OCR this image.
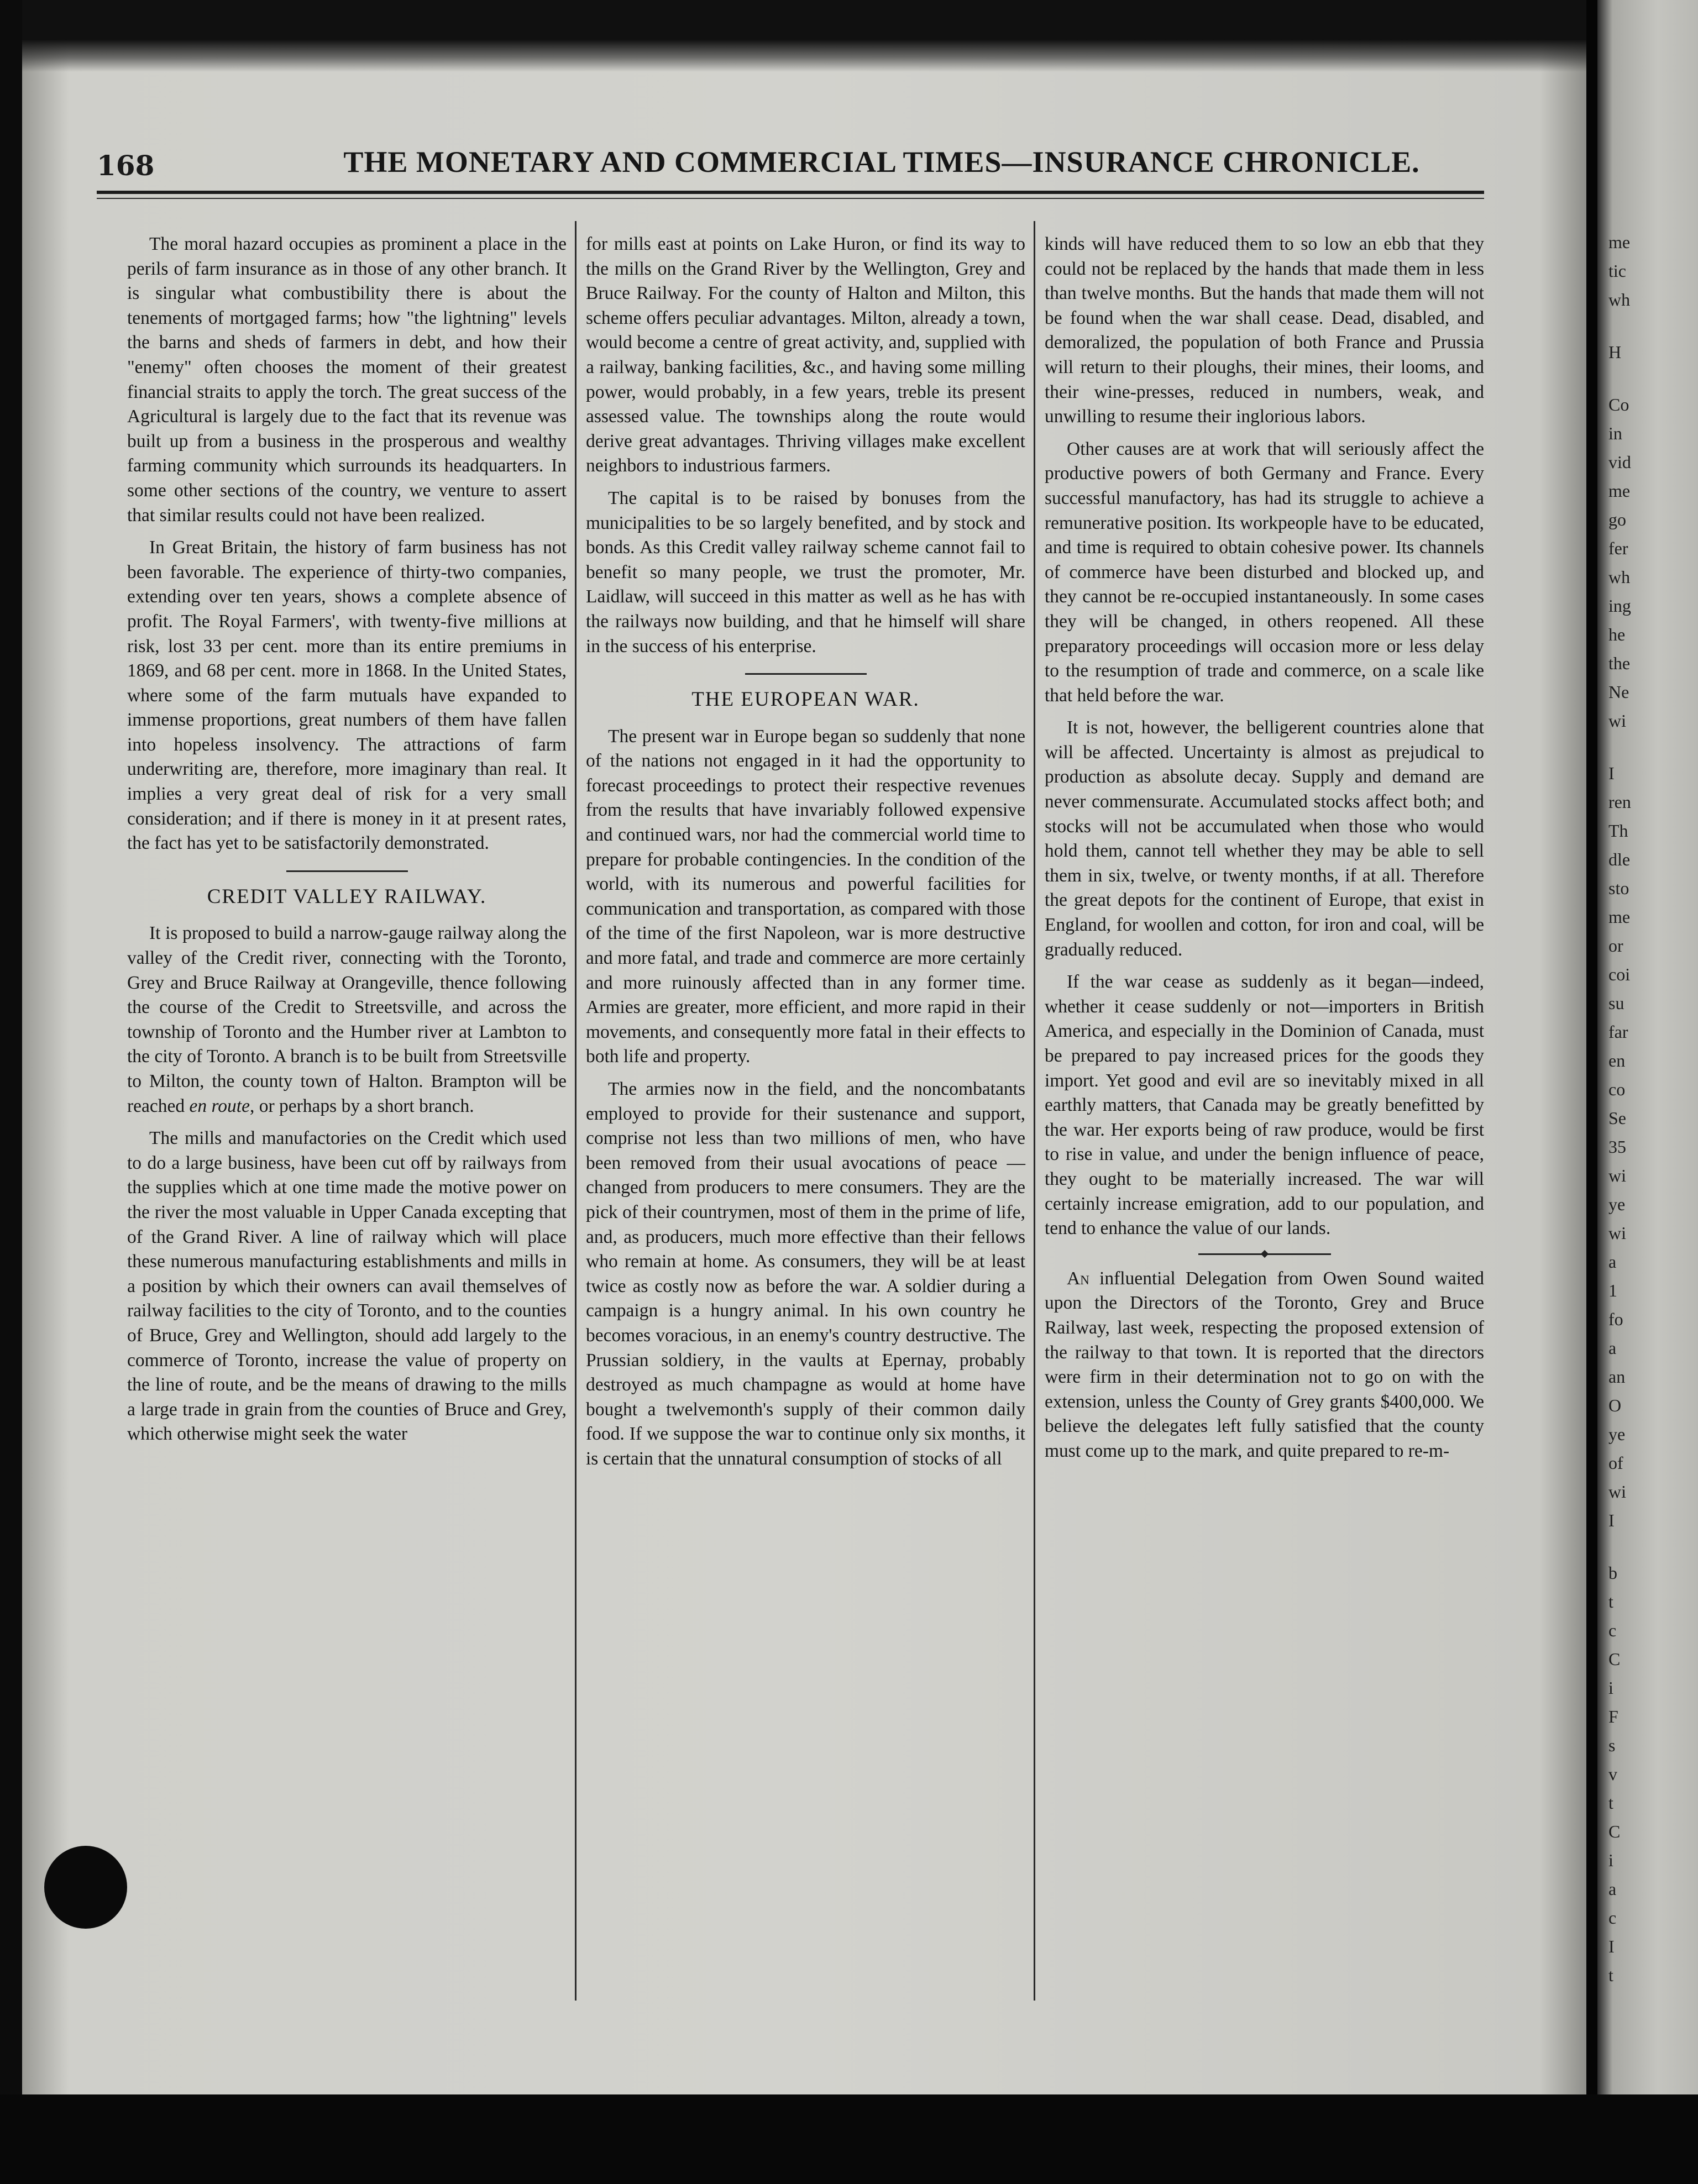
168	THE MONETARY AND COMMERCIAL TIMES—INSURANCE CHRONICLE.

The moral hazard occupies as prominent a place in the perils of farm insurance as in those of any other branch. It is singular what combustibility there is about the tenements of mortgaged farms; how "the lightning" levels the barns and sheds of farmers in debt, and how their "enemy" often chooses the moment of their greatest financial straits to apply the torch. The great success of the Agricultural is largely due to the fact that its revenue was built up from a business in the prosperous and wealthy farming community which surrounds its headquarters. In some other sections of the country, we venture to assert that similar results could not have been realized.

In Great Britain, the history of farm business has not been favorable. The experience of thirty-two companies, extending over ten years, shows a complete absence of profit. The Royal Farmers', with twenty-five millions at risk, lost 33 per cent. more than its entire premiums in 1869, and 68 per cent. more in 1868. In the United States, where some of the farm mutuals have expanded to immense proportions, great numbers of them have fallen into hopeless insolvency. The attractions of farm underwriting are, therefore, more imaginary than real. It implies a very great deal of risk for a very small consideration; and if there is money in it at present rates, the fact has yet to be satisfactorily demonstrated.

CREDIT VALLEY RAILWAY.

It is proposed to build a narrow-gauge railway along the valley of the Credit river, connecting with the Toronto, Grey and Bruce Railway at Orangeville, thence following the course of the Credit to Streetsville, and across the township of Toronto and the Humber river at Lambton to the city of Toronto. A branch is to be built from Streetsville to Milton, the county town of Halton. Brampton will be reached en route, or perhaps by a short branch.

The mills and manufactories on the Credit which used to do a large business, have been cut off by railways from the supplies which at one time made the motive power on the river the most valuable in Upper Canada excepting that of the Grand River. A line of railway which will place these numerous manufacturing establishments and mills in a position by which their owners can avail themselves of railway facilities to the city of Toronto, and to the counties of Bruce, Grey and Wellington, should add largely to the commerce of Toronto, increase the value of property on the line of route, and be the means of drawing to the mills a large trade in grain from the counties of Bruce and Grey, which otherwise might seek the water

for mills east at points on Lake Huron, or find its way to the mills on the Grand River by the Wellington, Grey and Bruce Railway. For the county of Halton and Milton, this scheme offers peculiar advantages. Milton, already a town, would become a centre of great activity, and, supplied with a railway, banking facilities, &c., and having some milling power, would probably, in a few years, treble its present assessed value. The townships along the route would derive great advantages. Thriving villages make excellent neighbors to industrious farmers.

The capital is to be raised by bonuses from the municipalities to be so largely benefited, and by stock and bonds. As this Credit valley railway scheme cannot fail to benefit so many people, we trust the promoter, Mr. Laidlaw, will succeed in this matter as well as he has with the railways now building, and that he himself will share in the success of his enterprise.

THE EUROPEAN WAR.

The present war in Europe began so suddenly that none of the nations not engaged in it had the opportunity to forecast proceedings to protect their respective revenues from the results that have invariably followed expensive and continued wars, nor had the commercial world time to prepare for probable contingencies. In the condition of the world, with its numerous and powerful facilities for communication and transportation, as compared with those of the time of the first Napoleon, war is more destructive and more fatal, and trade and commerce are more certainly and more ruinously affected than in any former time. Armies are greater, more efficient, and more rapid in their movements, and consequently more fatal in their effects to both life and property.

The armies now in the field, and the noncombatants employed to provide for their sustenance and support, comprise not less than two millions of men, who have been removed from their usual avocations of peace —changed from producers to mere consumers. They are the pick of their countrymen, most of them in the prime of life, and, as producers, much more effective than their fellows who remain at home. As consumers, they will be at least twice as costly now as before the war. A soldier during a campaign is a hungry animal. In his own country he becomes voracious, in an enemy's country destructive. The Prussian soldiery, in the vaults at Epernay, probably destroyed as much champagne as would at home have bought a twelvemonth's supply of their common daily food. If we suppose the war to continue only six months, it is certain that the unnatural consumption of stocks of all

kinds will have reduced them to so low an ebb that they could not be replaced by the hands that made them in less than twelve months. But the hands that made them will not be found when the war shall cease. Dead, disabled, and demoralized, the population of both France and Prussia will return to their ploughs, their mines, their looms, and their wine-presses, reduced in numbers, weak, and unwilling to resume their inglorious labors.

Other causes are at work that will seriously affect the productive powers of both Germany and France. Every successful manufactory, has had its struggle to achieve a remunerative position. Its workpeople have to be educated, and time is required to obtain cohesive power. Its channels of commerce have been disturbed and blocked up, and they cannot be re-occupied instantaneously. In some cases they will be changed, in others reopened. All these preparatory proceedings will occasion more or less delay to the resumption of trade and commerce, on a scale like that held before the war.

It is not, however, the belligerent countries alone that will be affected. Uncertainty is almost as prejudical to production as absolute decay. Supply and demand are never commensurate. Accumulated stocks affect both; and stocks will not be accumulated when those who would hold them, cannot tell whether they may be able to sell them in six, twelve, or twenty months, if at all. Therefore the great depots for the continent of Europe, that exist in England, for woollen and cotton, for iron and coal, will be gradually reduced.

If the war cease as suddenly as it began—indeed, whether it cease suddenly or not—importers in British America, and especially in the Dominion of Canada, must be prepared to pay increased prices for the goods they import. Yet good and evil are so inevitably mixed in all earthly matters, that Canada may be greatly benefitted by the war. Her exports being of raw produce, would be first to rise in value, and under the benign influence of peace, they ought to be materially increased. The war will certainly increase emigration, add to our population, and tend to enhance the value of our lands.

An influential Delegation from Owen Sound waited upon the Directors of the Toronto, Grey and Bruce Railway, last week, respecting the proposed extension of the railway to that town. It is reported that the directors were firm in their determination not to go on with the extension, unless the County of Grey grants $400,000. We believe the delegates left fully satisfied that the county must come up to the mark, and quite prepared to re-m-

me
tic
wh
H
Co
in
vid
me
go
fer
wh
ing
he
the
Ne
wi
I
ren
Th
dle
sto
me
or
coi
su
far
en
co
Se
35
wi
ye
wi
a
1
fo
a
an
O
ye
of
wi
I
b
t
c
C
i
F
s
v
t
C
i
a
c
I
t
